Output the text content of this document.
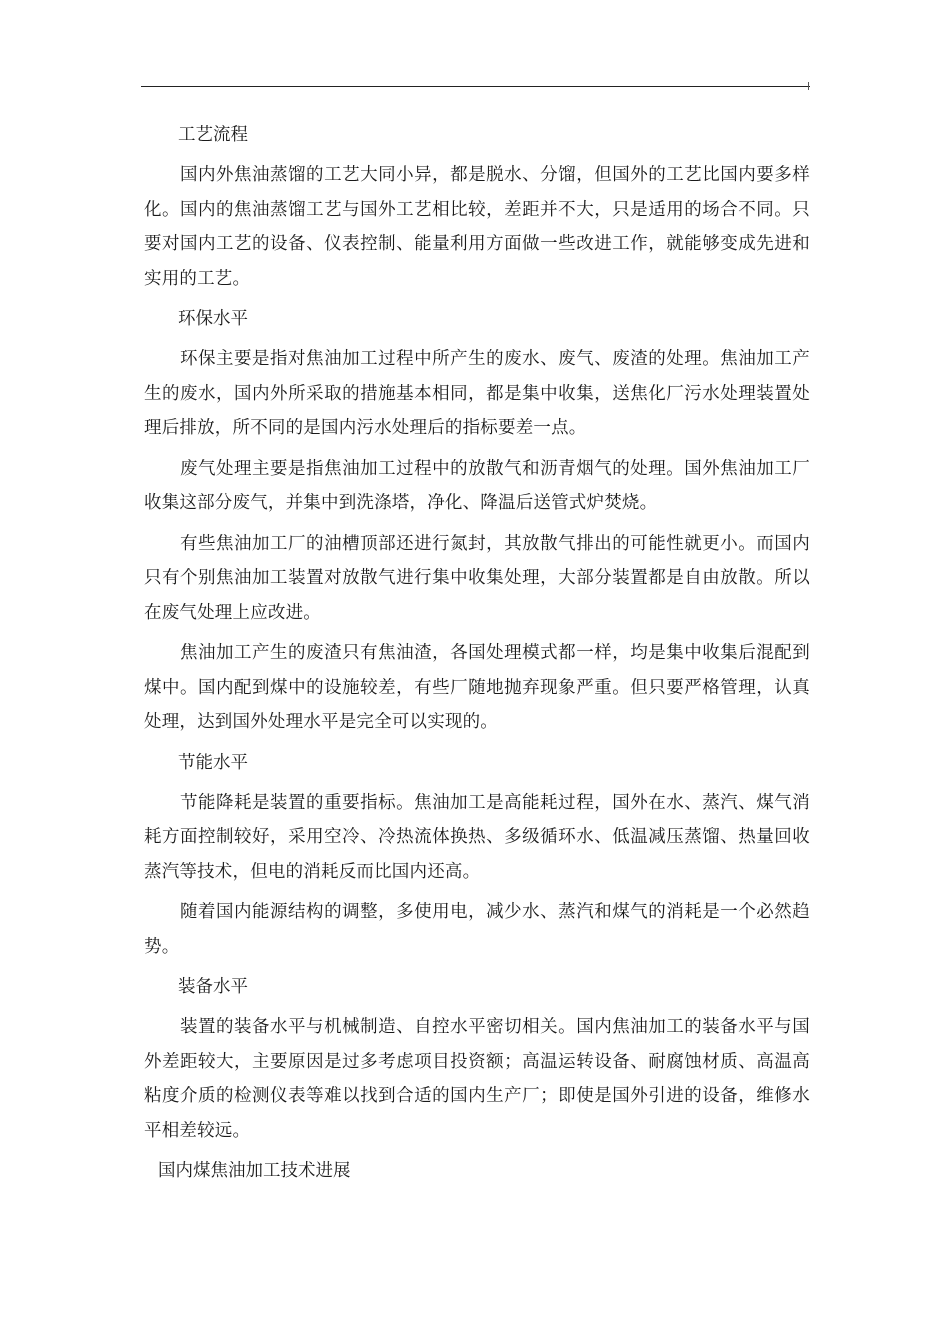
工艺流程

国内外焦油蒸馏的工艺大同小异，都是脱水、分馏，但国外的工艺比国内要多样化。国内的焦油蒸馏工艺与国外工艺相比较，差距并不大，只是适用的场合不同。只要对国内工艺的设备、仪表控制、能量利用方面做一些改进工作，就能够变成先进和实用的工艺。

环保水平

环保主要是指对焦油加工过程中所产生的废水、废气、废渣的处理。焦油加工产生的废水，国内外所采取的措施基本相同，都是集中收集，送焦化厂污水处理装置处理后排放，所不同的是国内污水处理后的指标要差一点。

废气处理主要是指焦油加工过程中的放散气和沥青烟气的处理。国外焦油加工厂收集这部分废气，并集中到洗涤塔，净化、降温后送管式炉焚烧。

有些焦油加工厂的油槽顶部还进行氮封，其放散气排出的可能性就更小。而国内只有个别焦油加工装置对放散气进行集中收集处理，大部分装置都是自由放散。所以在废气处理上应改进。

焦油加工产生的废渣只有焦油渣，各国处理模式都一样，均是集中收集后混配到煤中。国内配到煤中的设施较差，有些厂随地抛弃现象严重。但只要严格管理，认真处理，达到国外处理水平是完全可以实现的。

节能水平

节能降耗是装置的重要指标。焦油加工是高能耗过程，国外在水、蒸汽、煤气消耗方面控制较好，采用空冷、冷热流体换热、多级循环水、低温减压蒸馏、热量回收蒸汽等技术，但电的消耗反而比国内还高。

随着国内能源结构的调整，多使用电，减少水、蒸汽和煤气的消耗是一个必然趋势。

装备水平

装置的装备水平与机械制造、自控水平密切相关。国内焦油加工的装备水平与国外差距较大，主要原因是过多考虑项目投资额；高温运转设备、耐腐蚀材质、高温高粘度介质的检测仪表等难以找到合适的国内生产厂；即使是国外引进的设备，维修水平相差较远。

国内煤焦油加工技术进展
